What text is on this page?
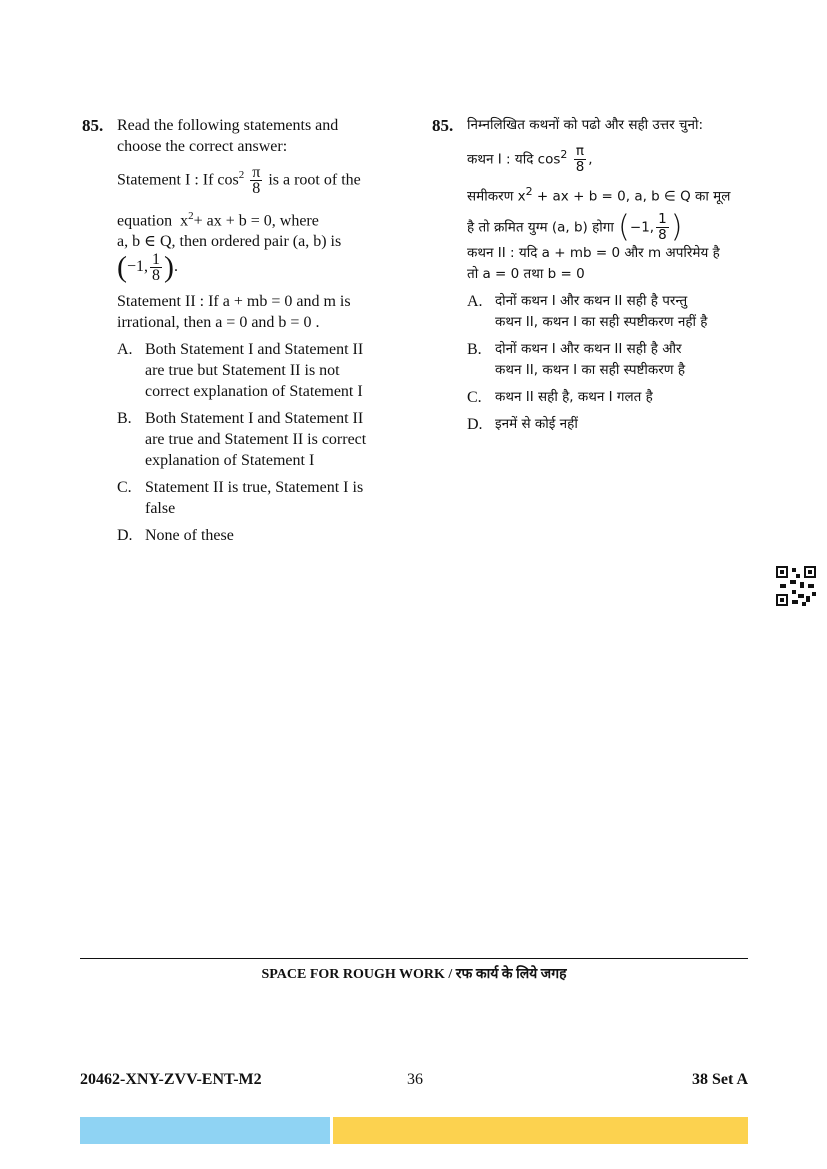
85. Read the following statements and
choose the correct answer:
Statement I : If $\cos^2 \frac{\pi}{8}$ is a root of the
equation $x^2+$ ax + b = 0, where
a, b ∈ Q, then ordered pair (a, b) is
(−1, $\frac{1}{8}$ ).
Statement II : If a + mb = 0 and m is
irrational, then a = 0 and b = 0 .
A. Both Statement I and Statement II
are true but Statement II is not
correct explanation of Statement I
B. Both Statement I and Statement II
are true and Statement II is correct
explanation of Statement I
C. Statement II is true, Statement I is
false
D. None of these
85. निम्नलिखित कथनों को पढो और सही उत्तर चुनो:
कथन I : यदि $\cos^2 \frac{\pi}{8}$ ,
समीकरण $x^2$ + ax + b = 0, a, b ∈ Q का मूल
है तो क्रमित युग्म (a, b) होगा (−1, $\frac{1}{8}$ )
कथन II : यदि a + mb = 0 और m अपरिमेय है
तो a = 0 तथा b = 0
A. दोनों कथन I और कथन II सही है परन्तु
कथन II, कथन I का सही स्पष्टीकरण नहीं है
B. दोनों कथन I और कथन II सही है और
कथन II, कथन I का सही स्पष्टीकरण है
C. कथन II सही है, कथन I गलत है
D. इनमें से कोई नहीं
SPACE FOR ROUGH WORK / रफ कार्य के लिये जगह
20462-XNY-ZVV-ENT-M2	36	38 Set A
